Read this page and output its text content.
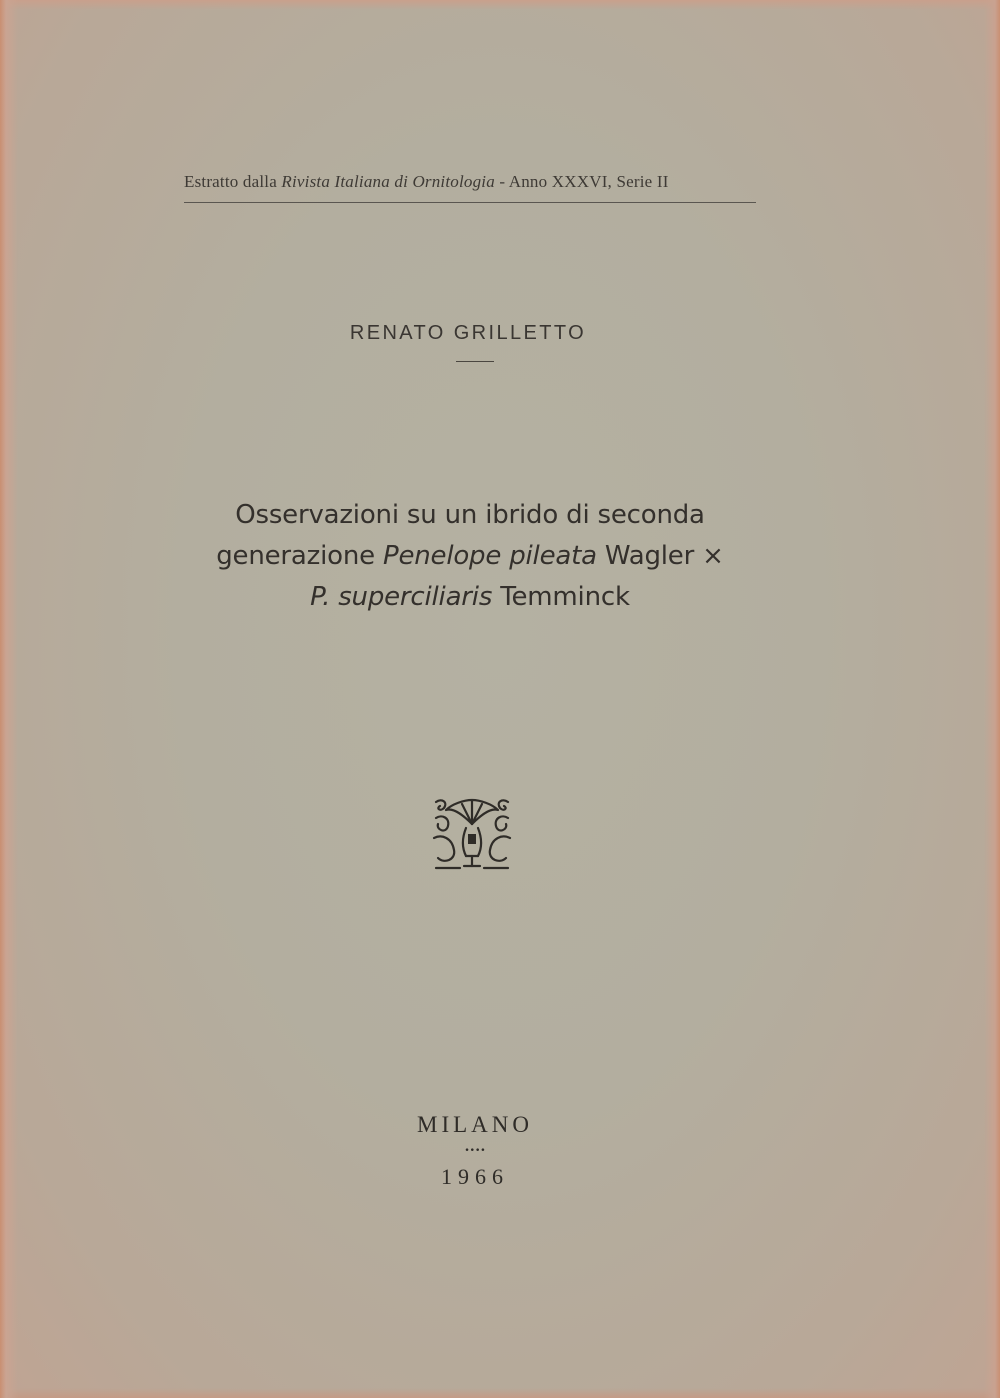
Estratto dalla Rivista Italiana di Ornitologia - Anno XXXVI, Serie II
RENATO GRILLETTO
Osservazioni su un ibrido di seconda
generazione Penelope pileata Wagler ×
P. superciliaris Temminck
MILANO
••••
1966
